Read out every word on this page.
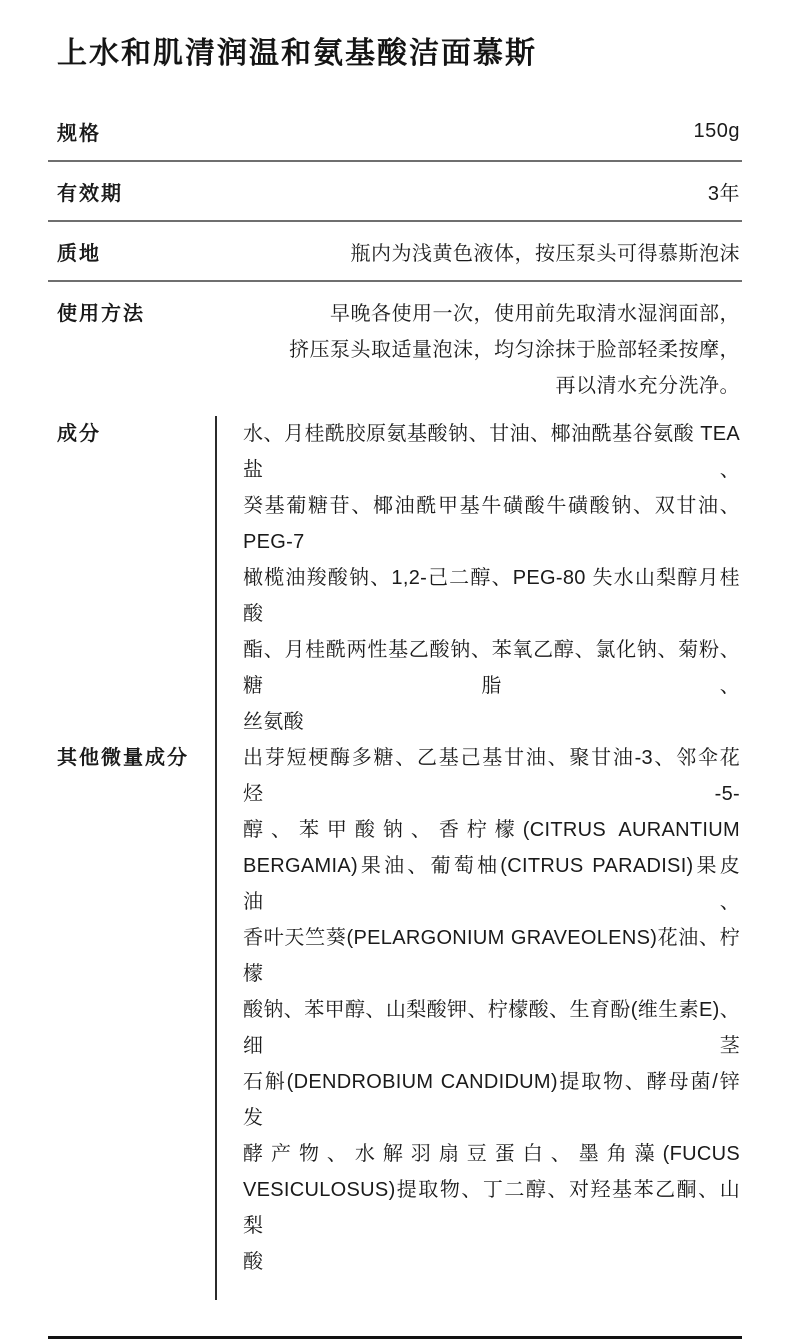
上水和肌清润温和氨基酸洁面慕斯
规格	150g
有效期	3年
质地	瓶内为浅黄色液体，按压泵头可得慕斯泡沫
使用方法	早晚各使用一次，使用前先取清水湿润面部，
挤压泵头取适量泡沫，均匀涂抹于脸部轻柔按摩，
再以清水充分洗净。
成分	水、月桂酰胶原氨基酸钠、甘油、椰油酰基谷氨酸 TEA 盐、
癸基葡糖苷、椰油酰甲基牛磺酸牛磺酸钠、双甘油、PEG-7
橄榄油羧酸钠、1,2-己二醇、PEG-80 失水山梨醇月桂酸
酯、月桂酰两性基乙酸钠、苯氧乙醇、氯化钠、菊粉、糖脂、
丝氨酸
其他微量成分	出芽短梗酶多糖、乙基己基甘油、聚甘油-3、邻伞花烃-5-
醇、苯甲酸钠、香柠檬(CITRUS AURANTIUM
BERGAMIA)果油、葡萄柚(CITRUS PARADISI)果皮油、
香叶天竺葵(PELARGONIUM GRAVEOLENS)花油、柠檬
酸钠、苯甲醇、山梨酸钾、柠檬酸、生育酚(维生素E)、细茎
石斛(DENDROBIUM CANDIDUM)提取物、酵母菌/锌发
酵产物、水解羽扇豆蛋白、墨角藻(FUCUS
VESICULOSUS)提取物、丁二醇、对羟基苯乙酮、山梨
酸
